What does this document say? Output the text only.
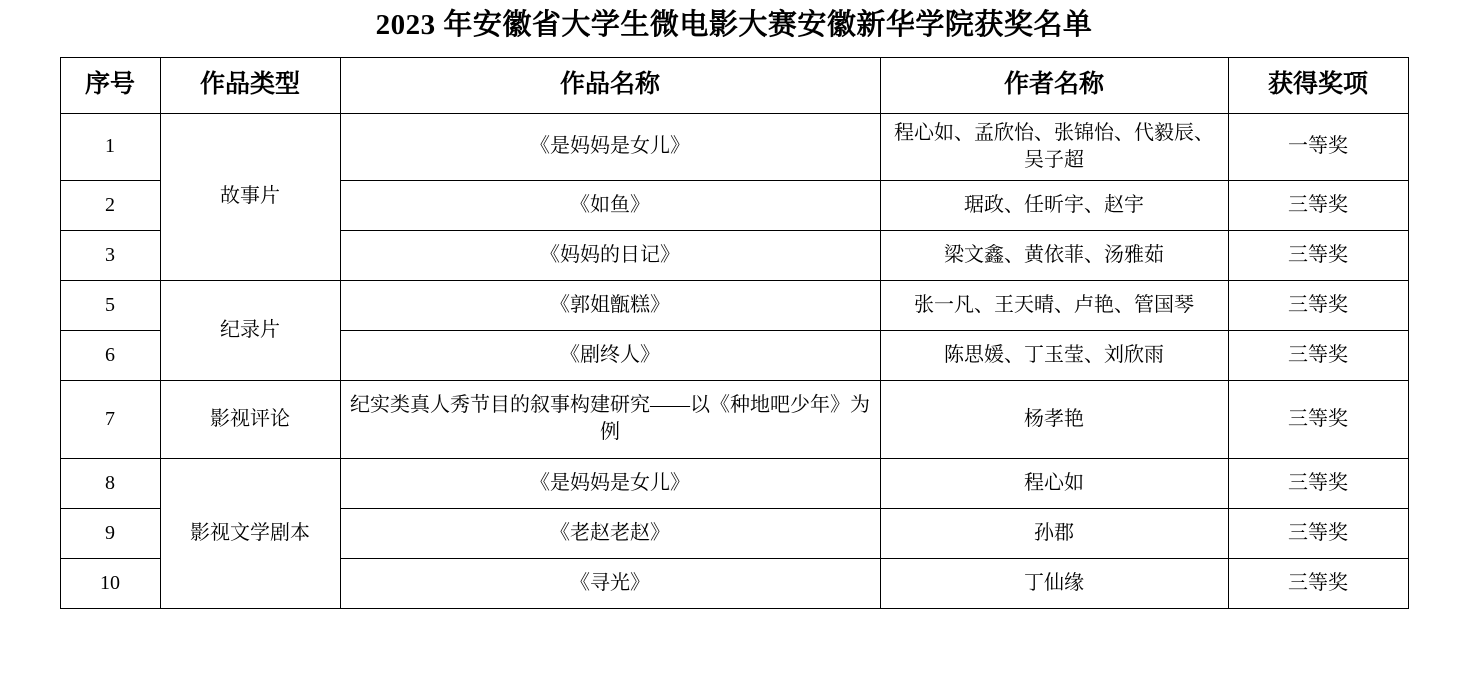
2023 年安徽省大学生微电影大赛安徽新华学院获奖名单
序号	作品类型	作品名称	作者名称	获得奖项
1	故事片	《是妈妈是女儿》	程心如、孟欣怡、张锦怡、代毅辰、吴子超	一等奖
2		《如鱼》	琚政、任昕宇、赵宇	三等奖
3		《妈妈的日记》	梁文鑫、黄依菲、汤雅茹	三等奖
5	纪录片	《郭姐甑糕》	张一凡、王天晴、卢艳、管国琴	三等奖
6		《剧终人》	陈思媛、丁玉莹、刘欣雨	三等奖
7	影视评论	纪实类真人秀节目的叙事构建研究——以《种地吧少年》为例	杨孝艳	三等奖
8	影视文学剧本	《是妈妈是女儿》	程心如	三等奖
9		《老赵老赵》	孙郡	三等奖
10		《寻光》	丁仙缘	三等奖
